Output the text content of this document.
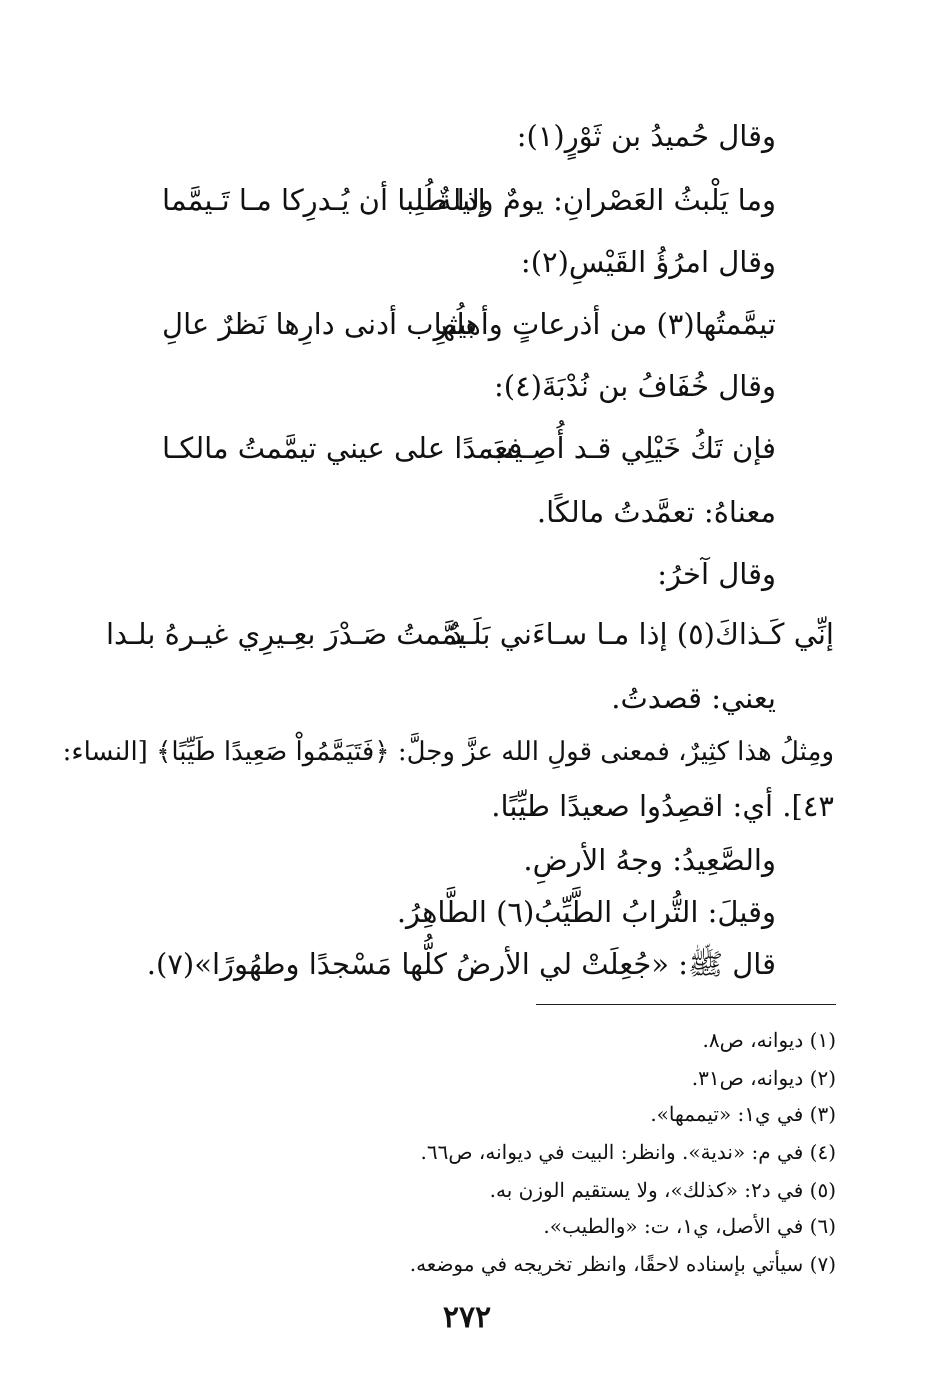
وقال حُميدُ بن ثَوْرٍ(١):
وما يَلْبثُ العَصْرانِ: يومٌ وليلةٌ
إذا طُلِبا أن يُـدرِكا مـا تَـيمَّما
وقال امرُؤُ القَيْسِ(٢):
تيمَّمتُها(٣) من أذرعاتٍ وأهلُها
بيثرِب أدنى دارِها نَظرٌ عالِ
وقال خُفَافُ بن نُدْبَةَ(٤):
فإن تَكُ خَيْلِي قـد أُصِـيبَ
فعمدًا على عيني تيمَّمتُ مالكـا
معناهُ: تعمَّدتُ مالكًا.
وقال آخرُ:
إنِّي كَـذاكَ(٥) إذا مـا سـاءَني بَلَـدٌ
يمَّمتُ صَـدْرَ بعِـيرِي غيـرهُ بلـدا
يعني: قصدتُ.
ومِثلُ هذا كثِيرٌ، فمعنى قولِ الله عزَّ وجلَّ: ﴿فَتَيَمَّمُواْ صَعِيدًا طَيِّبًا﴾ [النساء:
٤٣]. أي: اقصِدُوا صعيدًا طيِّبًا.
والصَّعِيدُ: وجهُ الأرضِ.
وقيلَ: التُّرابُ الطَّيِّبُ(٦) الطَّاهِرُ.
قال ﷺ: «جُعِلَتْ لي الأرضُ كلُّها مَسْجدًا وطهُورًا»(٧).
(١) ديوانه، ص٨.
(٢) ديوانه، ص٣١.
(٣) في ي١: «تيممها».
(٤) في م: «ندية». وانظر: البيت في ديوانه، ص٦٦.
(٥) في د٢: «كذلك»، ولا يستقيم الوزن به.
(٦) في الأصل، ي١، ت: «والطيب».
(٧) سيأتي بإسناده لاحقًا، وانظر تخريجه في موضعه.
٢٧٢
